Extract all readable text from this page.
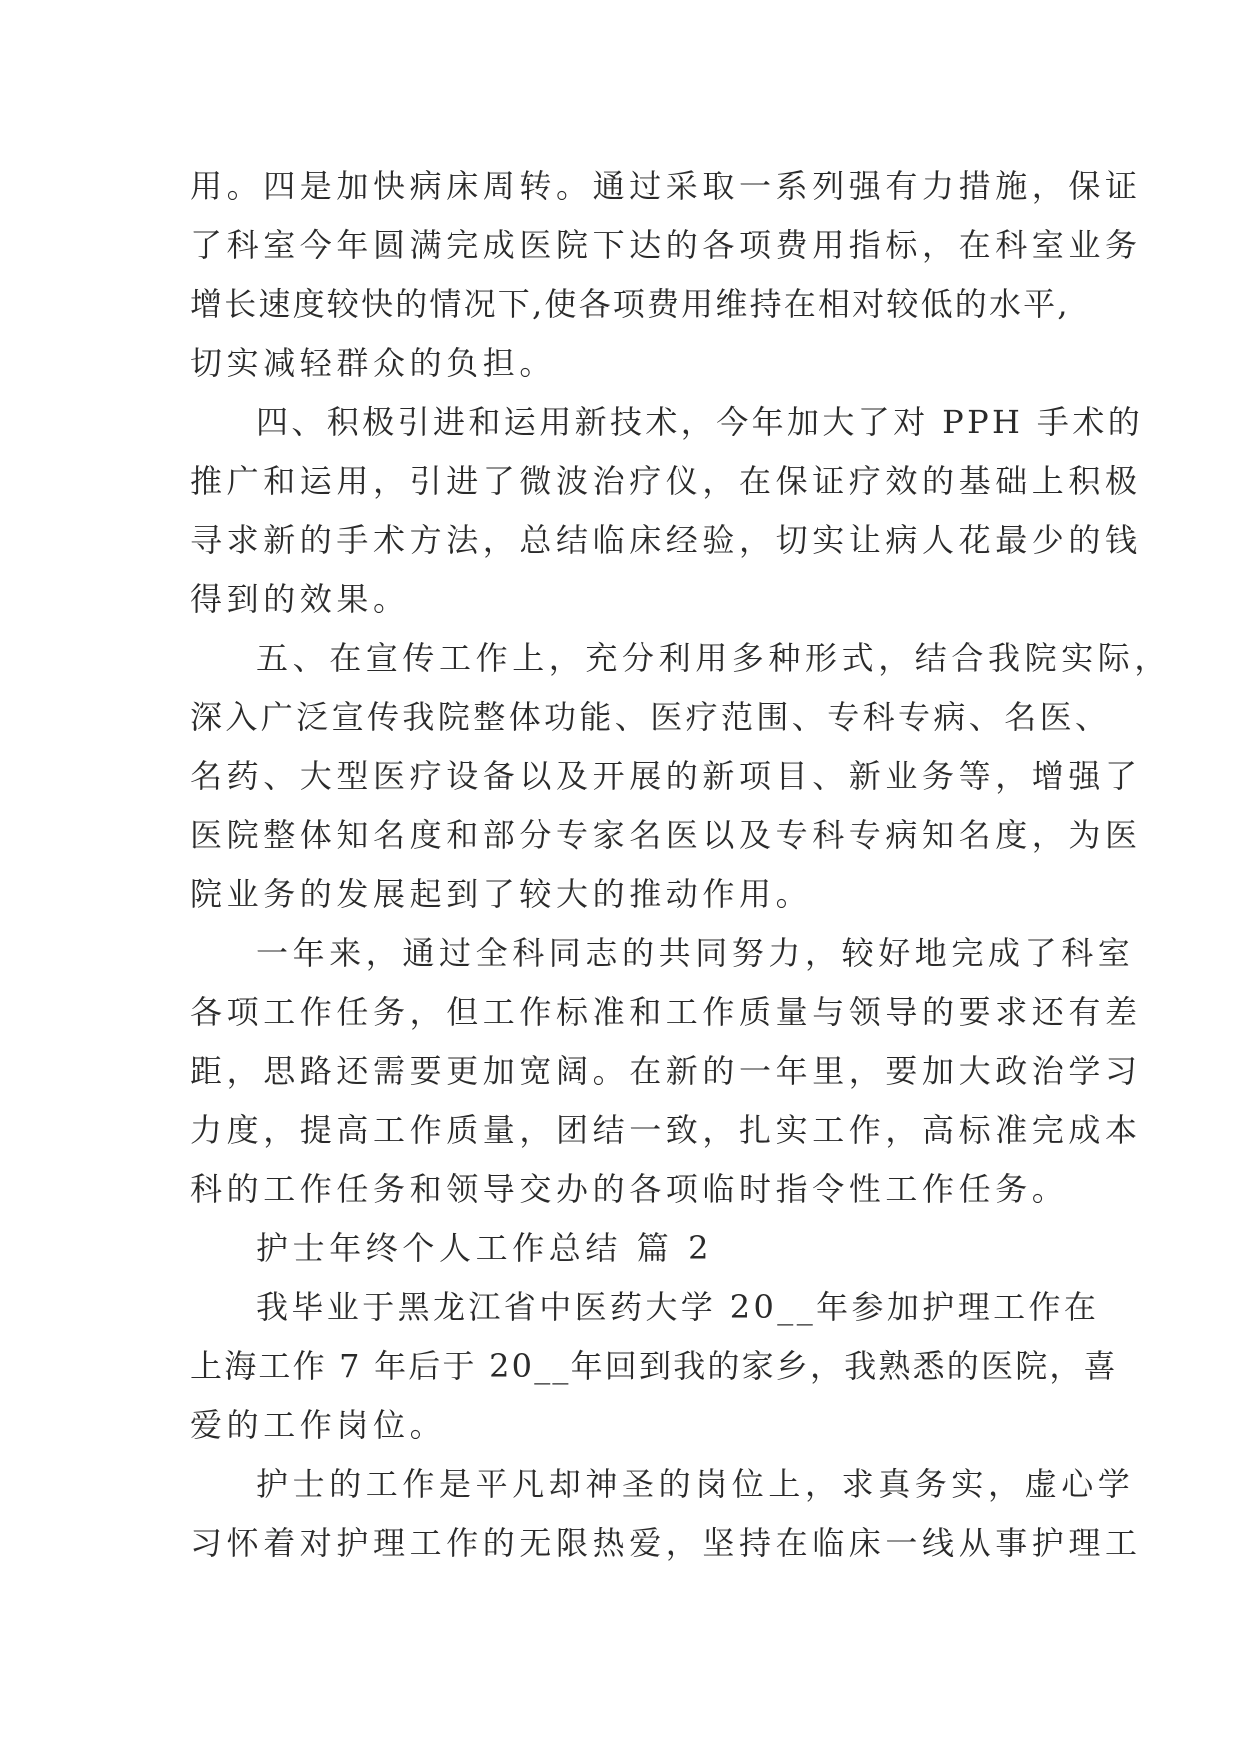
用。四是加快病床周转。通过采取一系列强有力措施，保证

了科室今年圆满完成医院下达的各项费用指标，在科室业务

增长速度较快的情况下,使各项费用维持在相对较低的水平,

切实减轻群众的负担。

四、积极引进和运用新技术，今年加大了对 PPH 手术的

推广和运用，引进了微波治疗仪，在保证疗效的基础上积极

寻求新的手术方法，总结临床经验，切实让病人花最少的钱

得到的效果。

五、在宣传工作上，充分利用多种形式，结合我院实际，

深入广泛宣传我院整体功能、医疗范围、专科专病、名医、

名药、大型医疗设备以及开展的新项目、新业务等，增强了

医院整体知名度和部分专家名医以及专科专病知名度，为医

院业务的发展起到了较大的推动作用。

一年来，通过全科同志的共同努力，较好地完成了科室

各项工作任务，但工作标准和工作质量与领导的要求还有差

距，思路还需要更加宽阔。在新的一年里，要加大政治学习

力度，提高工作质量，团结一致，扎实工作，高标准完成本

科的工作任务和领导交办的各项临时指令性工作任务。

护士年终个人工作总结 篇 2

我毕业于黑龙江省中医药大学 20__年参加护理工作在

上海工作 7 年后于 20__年回到我的家乡，我熟悉的医院，喜

爱的工作岗位。

护士的工作是平凡却神圣的岗位上，求真务实，虚心学

习怀着对护理工作的无限热爱，坚持在临床一线从事护理工
